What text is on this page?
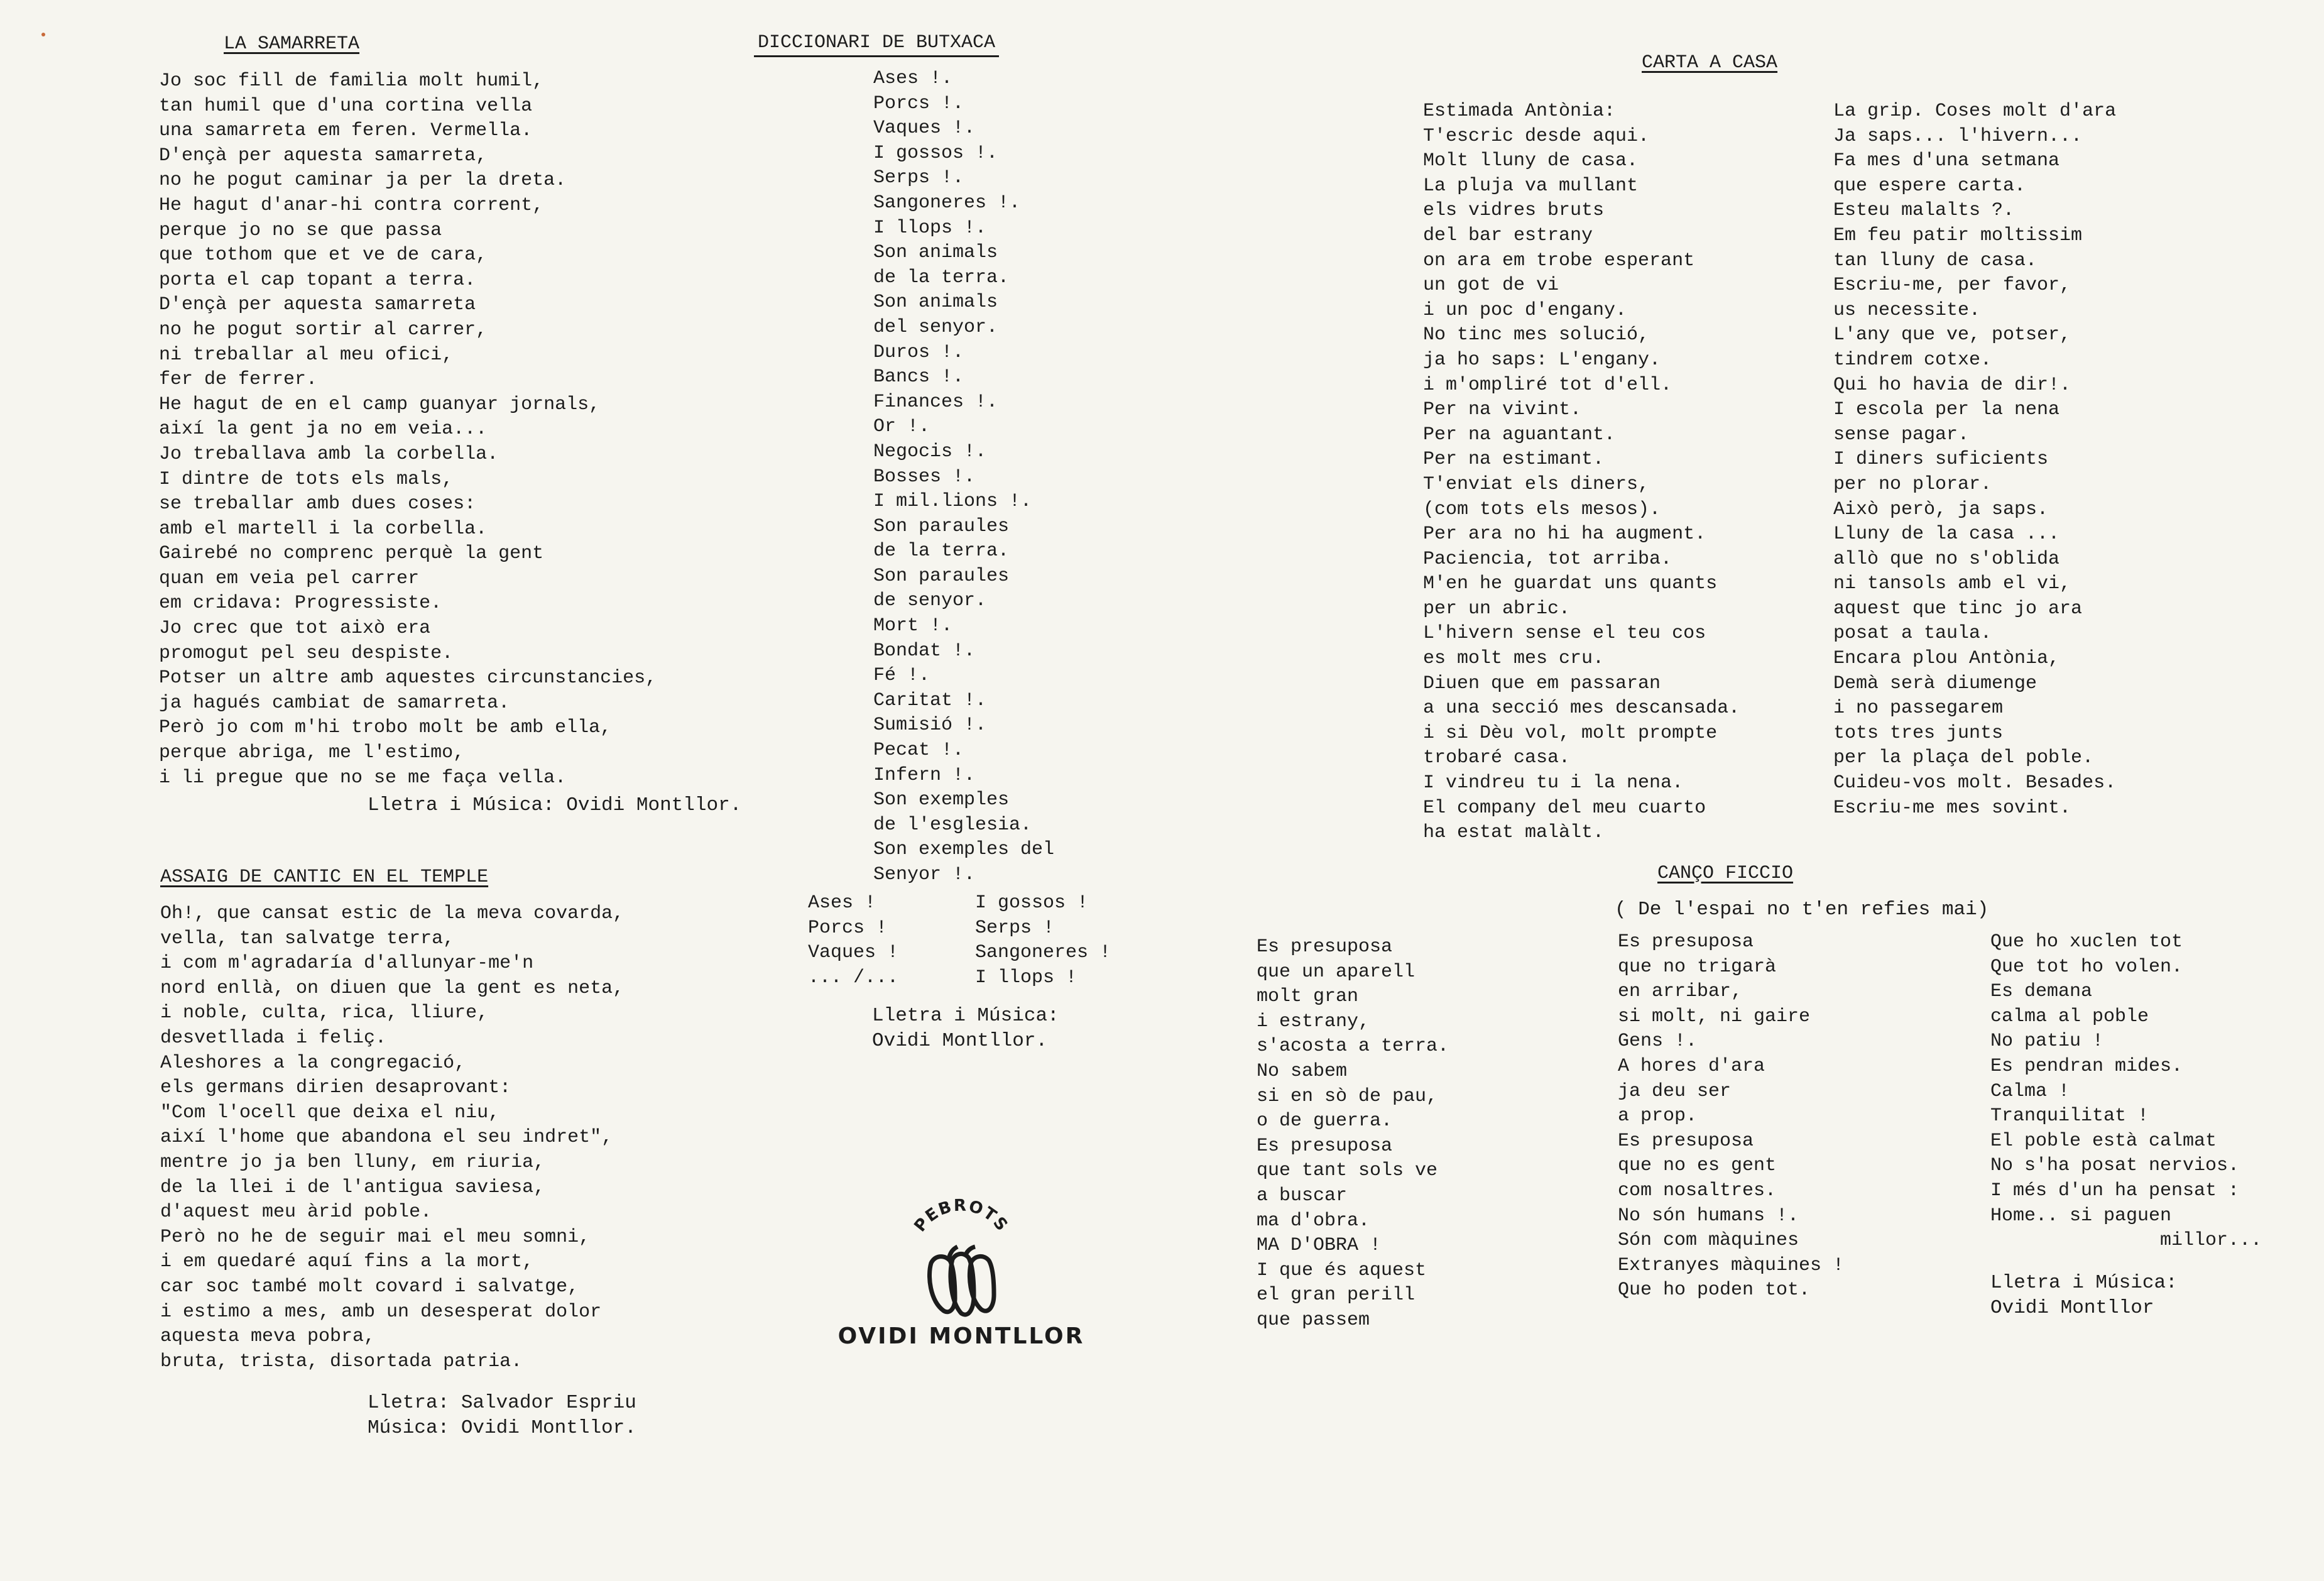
LA SAMARRETA
Jo soc fill de familia molt humil,
tan humil que d'una cortina vella
una samarreta em feren. Vermella.
D'ençà per aquesta samarreta,
no he pogut caminar ja per la dreta.
He hagut d'anar-hi contra corrent,
perque jo no se que passa
que tothom que et ve de cara,
porta el cap topant a terra.
D'ençà per aquesta samarreta
no he pogut sortir al carrer,
ni treballar al meu ofici,
fer de ferrer.
He hagut de en el camp guanyar jornals,
així la gent ja no em veia...
Jo treballava amb la corbella.
I dintre de tots els mals,
se treballar amb dues coses:
amb el martell i la corbella.
Gairebé no comprenc perquè la gent
quan em veia pel carrer
em cridava: Progressiste.
Jo crec que tot això era
promogut pel seu despiste.
Potser un altre amb aquestes circunstancies,
ja hagués cambiat de samarreta.
Però jo com m'hi trobo molt be amb ella,
perque abriga, me l'estimo,
i li pregue que no se me faça vella.
Lletra i Música: Ovidi Montllor.
ASSAIG DE CANTIC EN EL TEMPLE
Oh!, que cansat estic de la meva covarda,
vella, tan salvatge terra,
i com m'agradaría d'allunyar-me'n
nord enllà, on diuen que la gent es neta,
i noble, culta, rica, lliure,
desvetllada i feliç.
Aleshores a la congregació,
els germans dirien desaprovant:
"Com l'ocell que deixa el niu,
així l'home que abandona el seu indret",
mentre jo ja ben lluny, em riuria,
de la llei i de l'antigua saviesa,
d'aquest meu àrid poble.
Però no he de seguir mai el meu somni,
i em quedaré aquí fins a la mort,
car soc també molt covard i salvatge,
i estimo a mes, amb un desesperat dolor
aquesta meva pobra,
bruta, trista, disortada patria.
Lletra: Salvador Espriu
Música: Ovidi Montllor.
DICCIONARI DE BUTXACA
Ases !.
Porcs !.
Vaques !.
I gossos !.
Serps !.
Sangoneres !.
I llops !.
Son animals
de la terra.
Son animals
del senyor.
Duros !.
Bancs !.
Finances !.
Or !.
Negocis !.
Bosses !.
I mil.lions !.
Son paraules
de la terra.
Son paraules
de senyor.
Mort !.
Bondat !.
Fé !.
Caritat !.
Sumisió !.
Pecat !.
Infern !.
Son exemples
de l'esglesia.
Son exemples del
Senyor !.
Ases !
Porcs !
Vaques !
... /...
I gossos !
Serps !
Sangoneres !
I llops !
Lletra i Música:
Ovidi Montllor.
PEBROTS
OVIDI MONTLLOR
CARTA A CASA
Estimada Antònia:
T'escric desde aqui.
Molt lluny de casa.
La pluja va mullant
els vidres bruts
del bar estrany
on ara em trobe esperant
un got de vi
i un poc d'engany.
No tinc mes solució,
ja ho saps: L'engany.
i m'ompliré tot d'ell.
Per na vivint.
Per na aguantant.
Per na estimant.
T'enviat els diners,
(com tots els mesos).
Per ara no hi ha augment.
Paciencia, tot arriba.
M'en he guardat uns quants
per un abric.
L'hivern sense el teu cos
es molt mes cru.
Diuen que em passaran
a una secció mes descansada.
i si Dèu vol, molt prompte
trobaré casa.
I vindreu tu i la nena.
El company del meu cuarto
ha estat malàlt.
La grip. Coses molt d'ara
Ja saps... l'hivern...
Fa mes d'una setmana
que espere carta.
Esteu malalts ?.
Em feu patir moltissim
tan lluny de casa.
Escriu-me, per favor,
us necessite.
L'any que ve, potser,
tindrem cotxe.
Qui ho havia de dir!.
I escola per la nena
sense pagar.
I diners suficients
per no plorar.
Això però, ja saps.
Lluny de la casa ...
allò que no s'oblida
ni tansols amb el vi,
aquest que tinc jo ara
posat a taula.
Encara plou Antònia,
Demà serà diumenge
i no passegarem
tots tres junts
per la plaça del poble.
Cuideu-vos molt. Besades.
Escriu-me mes sovint.
CANÇO FICCIO
( De l'espai no t'en refies mai)
Es presuposa
que un aparell
molt gran
i estrany,
s'acosta a terra.
No sabem
si en sò de pau,
o de guerra.
Es presuposa
que tant sols ve
a buscar
ma d'obra.
MA D'OBRA !
I que és aquest
el gran perill
que passem
Es presuposa
que no trigarà
en arribar,
si molt, ni gaire
Gens !.
A hores d'ara
ja deu ser
a prop.
Es presuposa
que no es gent
com nosaltres.
No són humans !.
Són com màquines
Extranyes màquines !
Que ho poden tot.
Que ho xuclen tot
Que tot ho volen.
Es demana
calma al poble
No patiu !
Es pendran mides.
Calma !
Tranquilitat !
El poble està calmat
No s'ha posat nervios.
I més d'un ha pensat :
Home.. si paguen
millor...
Lletra i Música:
Ovidi Montllor
